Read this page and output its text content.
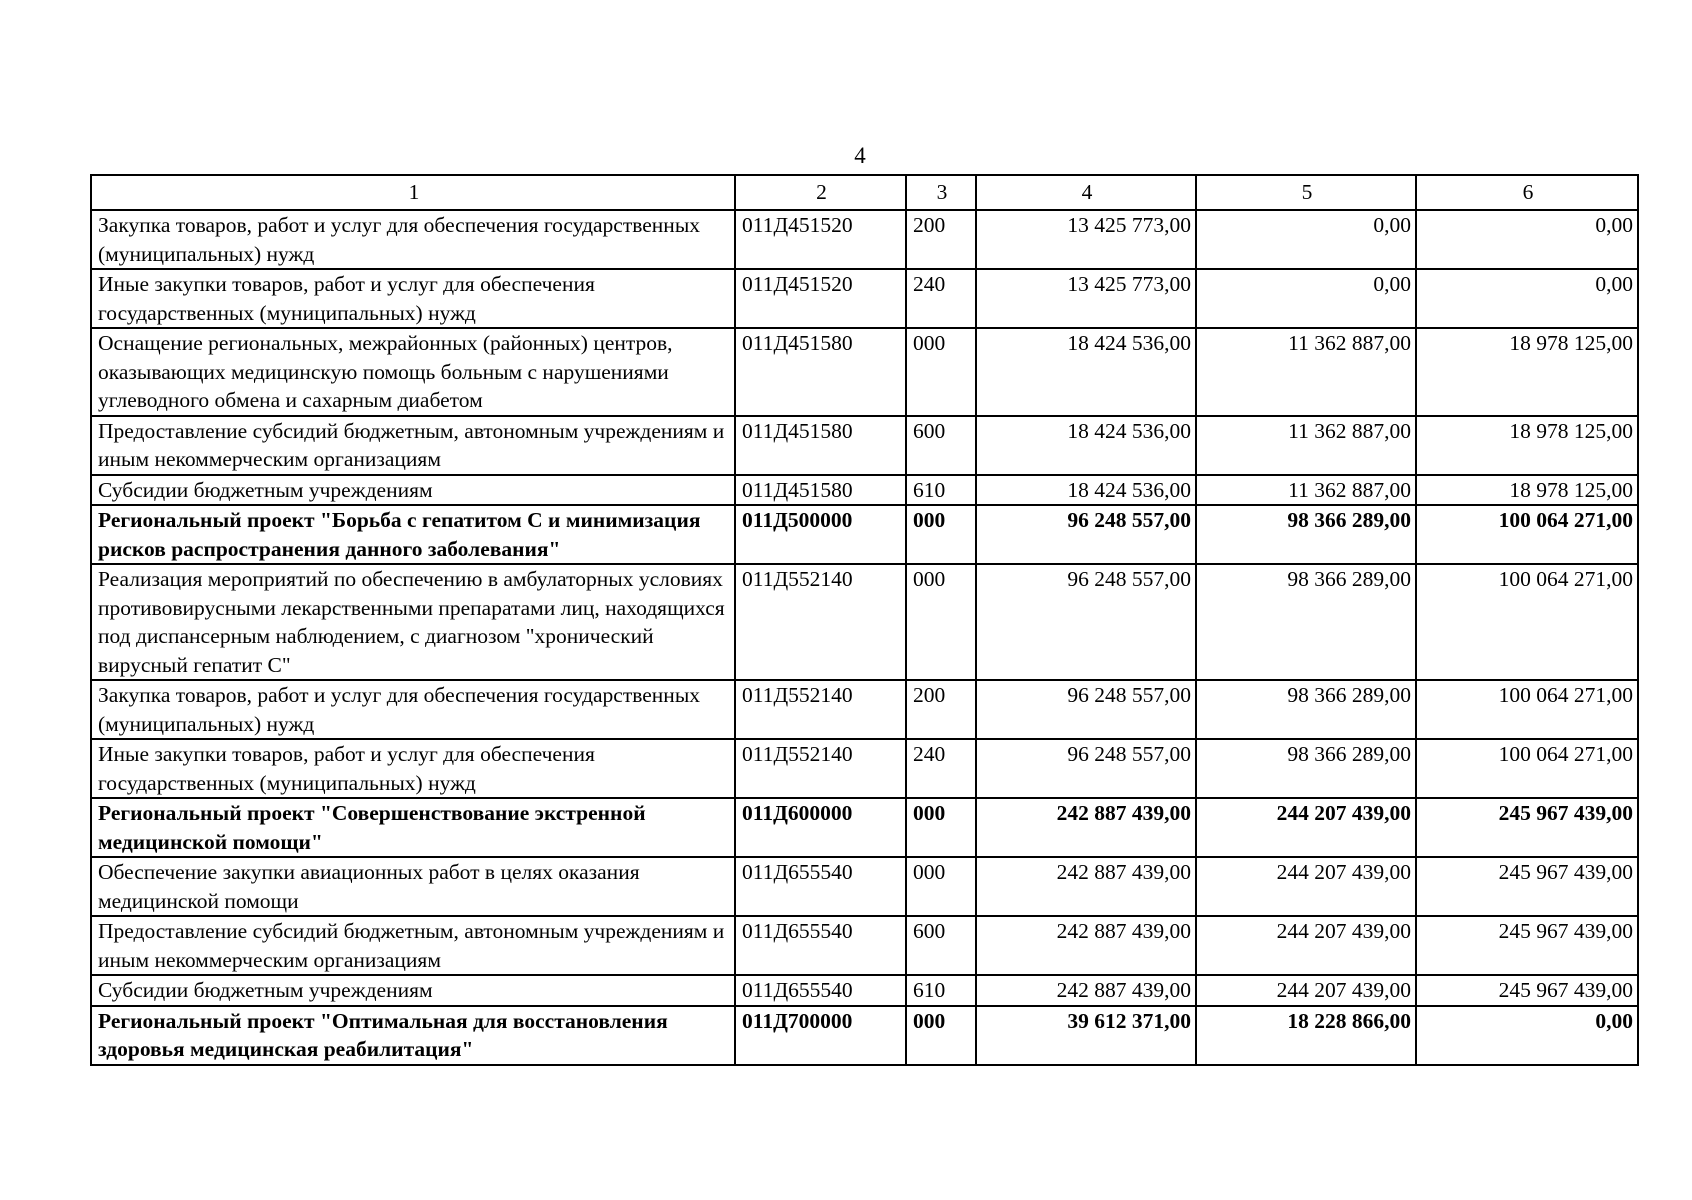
4
1	2	3	4	5	6
Закупка товаров, работ и услуг для обеспечения государственных (муниципальных) нужд	011Д451520	200	13 425 773,00	0,00	0,00
Иные закупки товаров, работ и услуг для обеспечения государственных (муниципальных) нужд	011Д451520	240	13 425 773,00	0,00	0,00
Оснащение региональных, межрайонных (районных) центров, оказывающих медицинскую помощь больным с нарушениями углеводного обмена и сахарным диабетом	011Д451580	000	18 424 536,00	11 362 887,00	18 978 125,00
Предоставление субсидий бюджетным, автономным учреждениям и иным некоммерческим организациям	011Д451580	600	18 424 536,00	11 362 887,00	18 978 125,00
Субсидии бюджетным учреждениям	011Д451580	610	18 424 536,00	11 362 887,00	18 978 125,00
Региональный проект "Борьба с гепатитом С и минимизация рисков распространения данного заболевания"	011Д500000	000	96 248 557,00	98 366 289,00	100 064 271,00
Реализация мероприятий по обеспечению в амбулаторных условиях противовирусными лекарственными препаратами лиц, находящихся под диспансерным наблюдением, с диагнозом "хронический вирусный гепатит С"	011Д552140	000	96 248 557,00	98 366 289,00	100 064 271,00
Закупка товаров, работ и услуг для обеспечения государственных (муниципальных) нужд	011Д552140	200	96 248 557,00	98 366 289,00	100 064 271,00
Иные закупки товаров, работ и услуг для обеспечения государственных (муниципальных) нужд	011Д552140	240	96 248 557,00	98 366 289,00	100 064 271,00
Региональный проект "Совершенствование экстренной медицинской помощи"	011Д600000	000	242 887 439,00	244 207 439,00	245 967 439,00
Обеспечение закупки авиационных работ в целях оказания медицинской помощи	011Д655540	000	242 887 439,00	244 207 439,00	245 967 439,00
Предоставление субсидий бюджетным, автономным учреждениям и иным некоммерческим организациям	011Д655540	600	242 887 439,00	244 207 439,00	245 967 439,00
Субсидии бюджетным учреждениям	011Д655540	610	242 887 439,00	244 207 439,00	245 967 439,00
Региональный проект "Оптимальная для восстановления здоровья медицинская реабилитация"	011Д700000	000	39 612 371,00	18 228 866,00	0,00
